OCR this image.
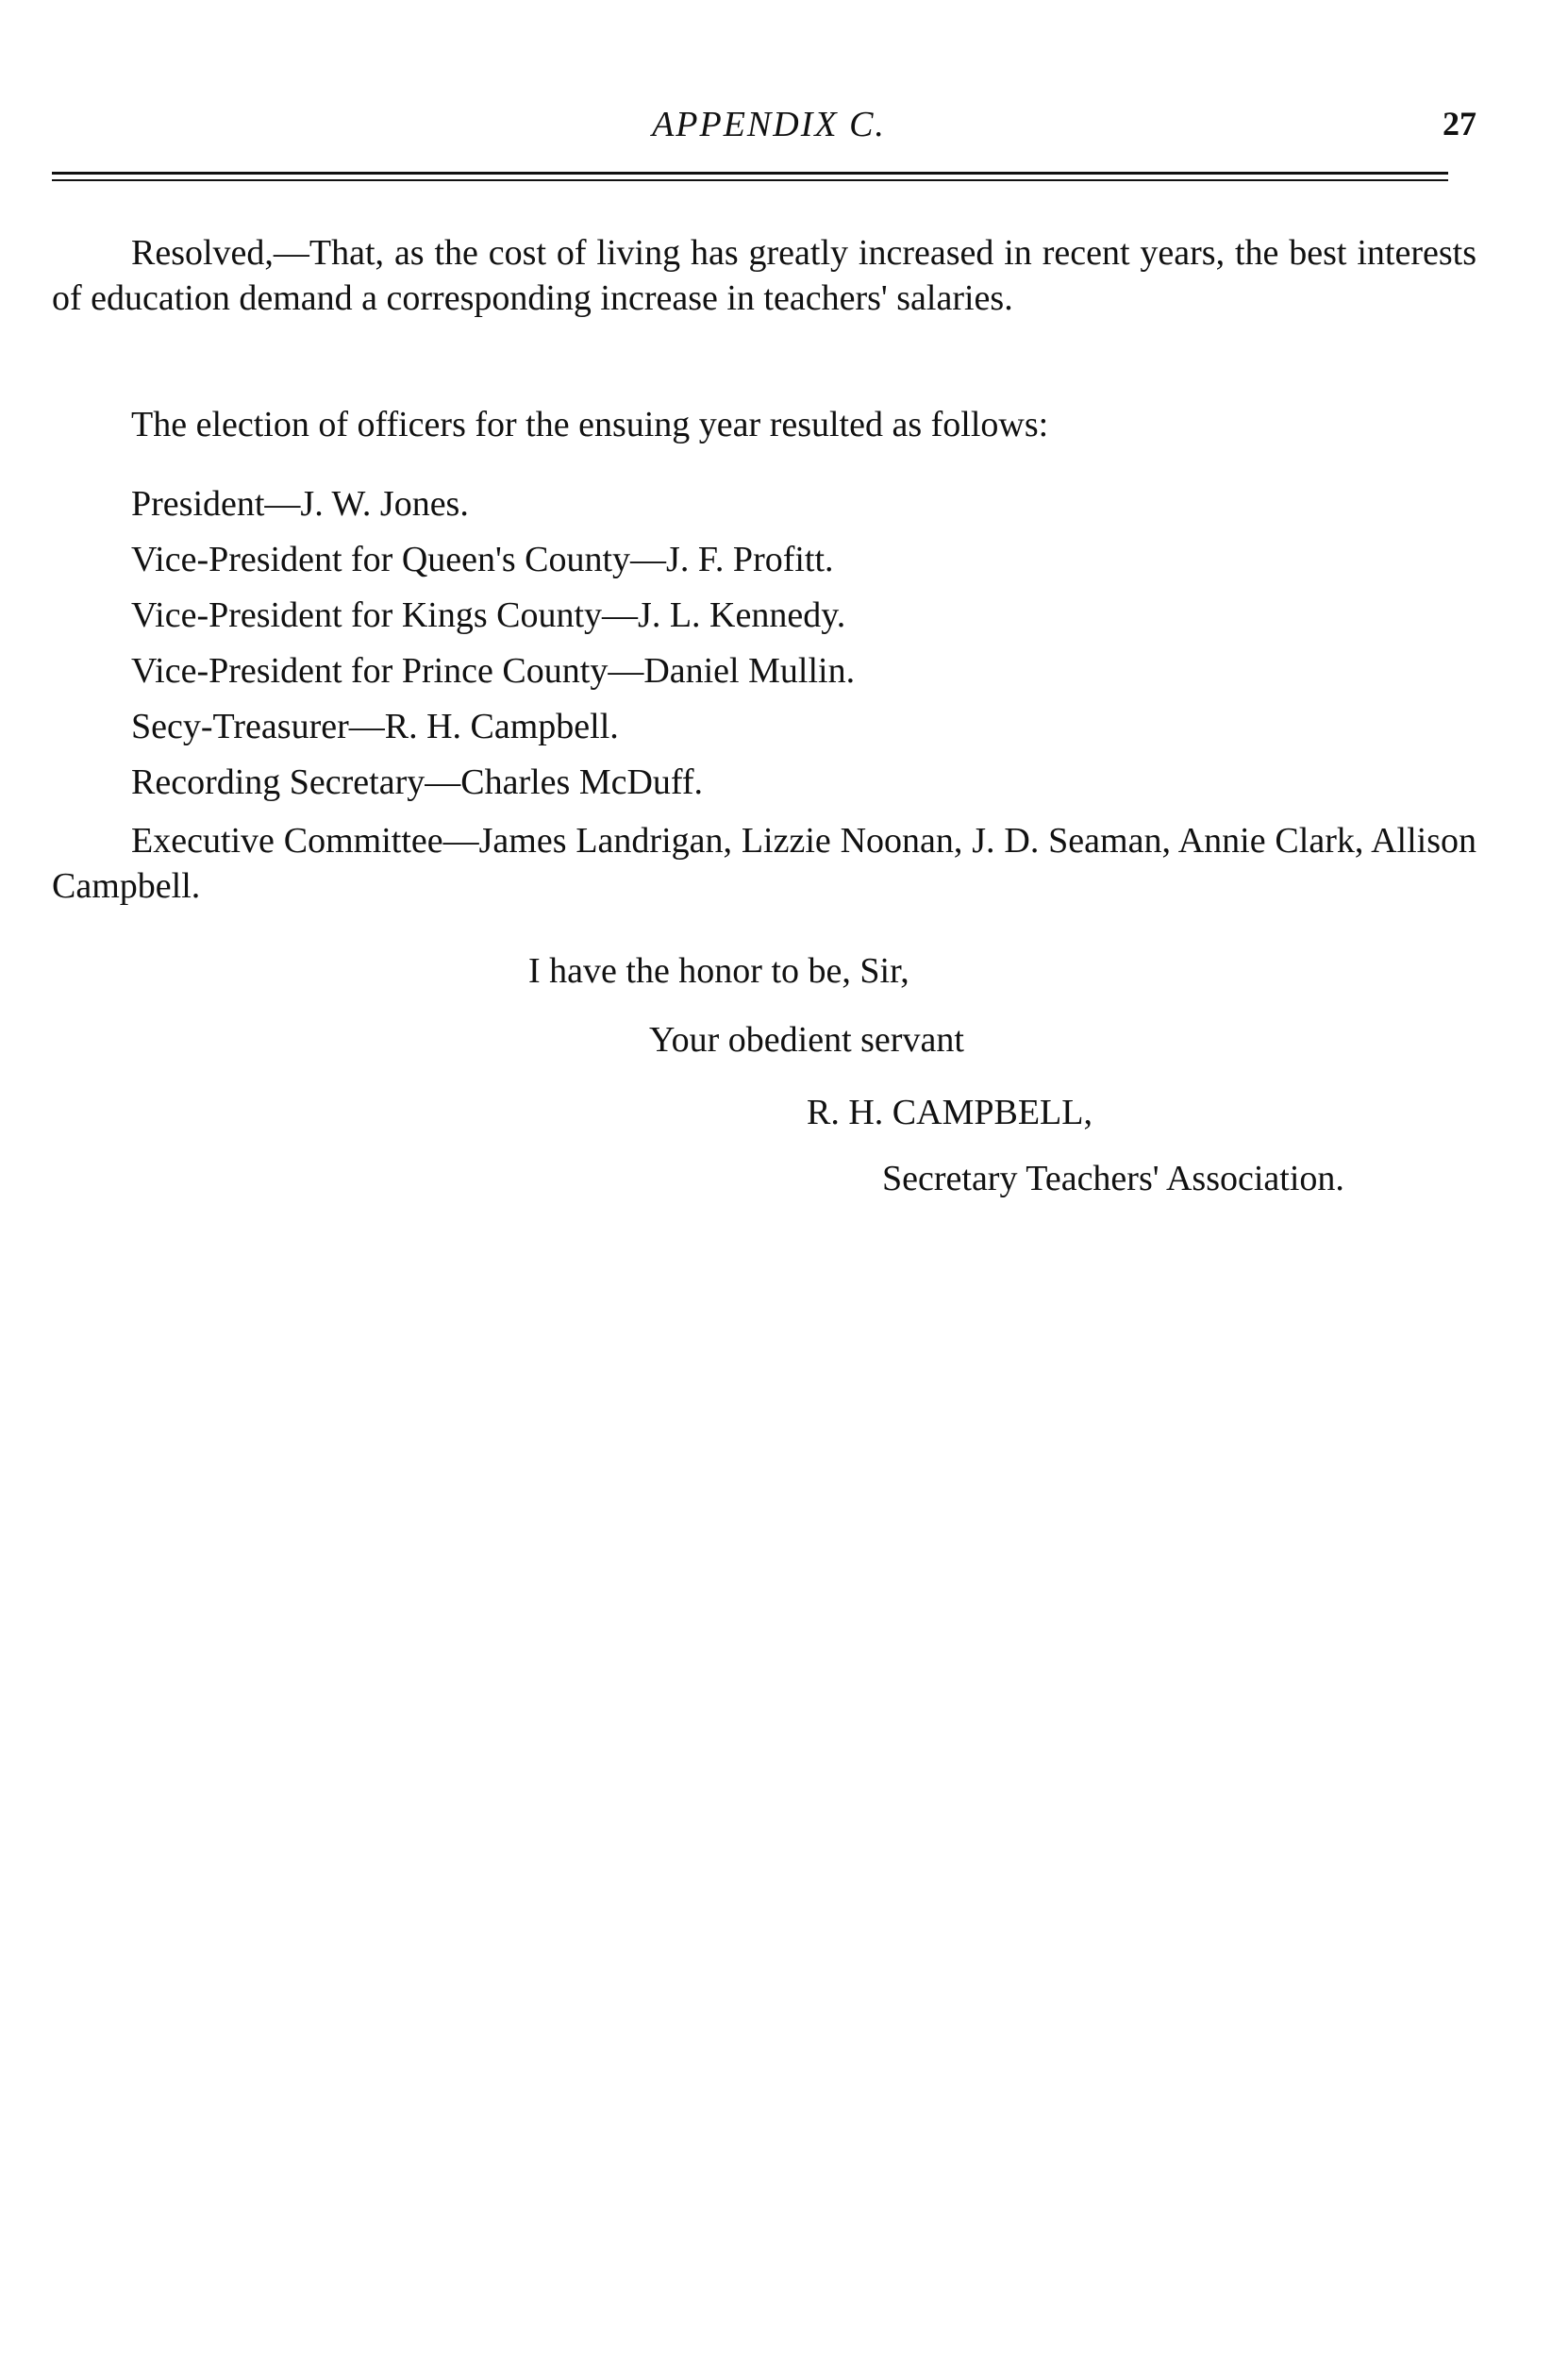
APPENDIX C.	27

Resolved,—That, as the cost of living has greatly increased in recent years, the best interests of education demand a corresponding increase in teachers' salaries.

The election of officers for the ensuing year resulted as follows:

President—J. W. Jones.
Vice-President for Queen's County—J. F. Profitt.
Vice-President for Kings County—J. L. Kennedy.
Vice-President for Prince County—Daniel Mullin.
Secy-Treasurer—R. H. Campbell.
Recording Secretary—Charles McDuff.
Executive Committee—James Landrigan, Lizzie Noonan, J. D. Seaman, Annie Clark, Allison Campbell.
I have the honor to be, Sir,
Your obedient servant
R. H. CAMPBELL,
Secretary Teachers' Association.
